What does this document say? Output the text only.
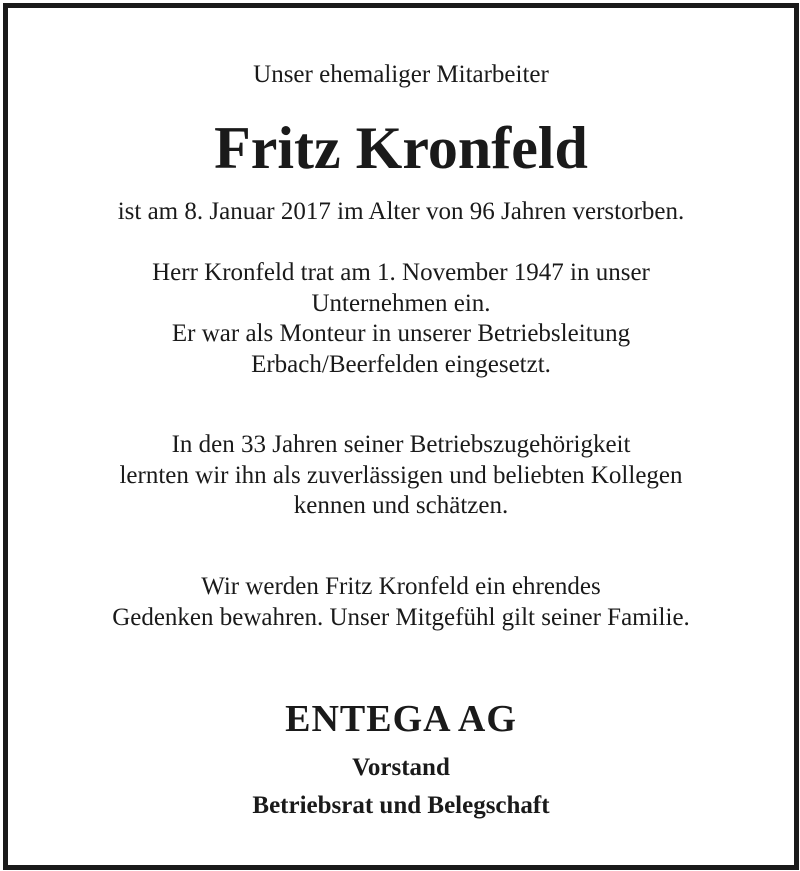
Unser ehemaliger Mitarbeiter
Fritz Kronfeld
ist am 8. Januar 2017 im Alter von 96 Jahren verstorben.
Herr Kronfeld trat am 1. November 1947 in unser
Unternehmen ein.
Er war als Monteur in unserer Betriebsleitung
Erbach/Beerfelden eingesetzt.
In den 33 Jahren seiner Betriebszugehörigkeit
lernten wir ihn als zuverlässigen und beliebten Kollegen
kennen und schätzen.
Wir werden Fritz Kronfeld ein ehrendes
Gedenken bewahren. Unser Mitgefühl gilt seiner Familie.
ENTEGA AG
Vorstand
Betriebsrat und Belegschaft
